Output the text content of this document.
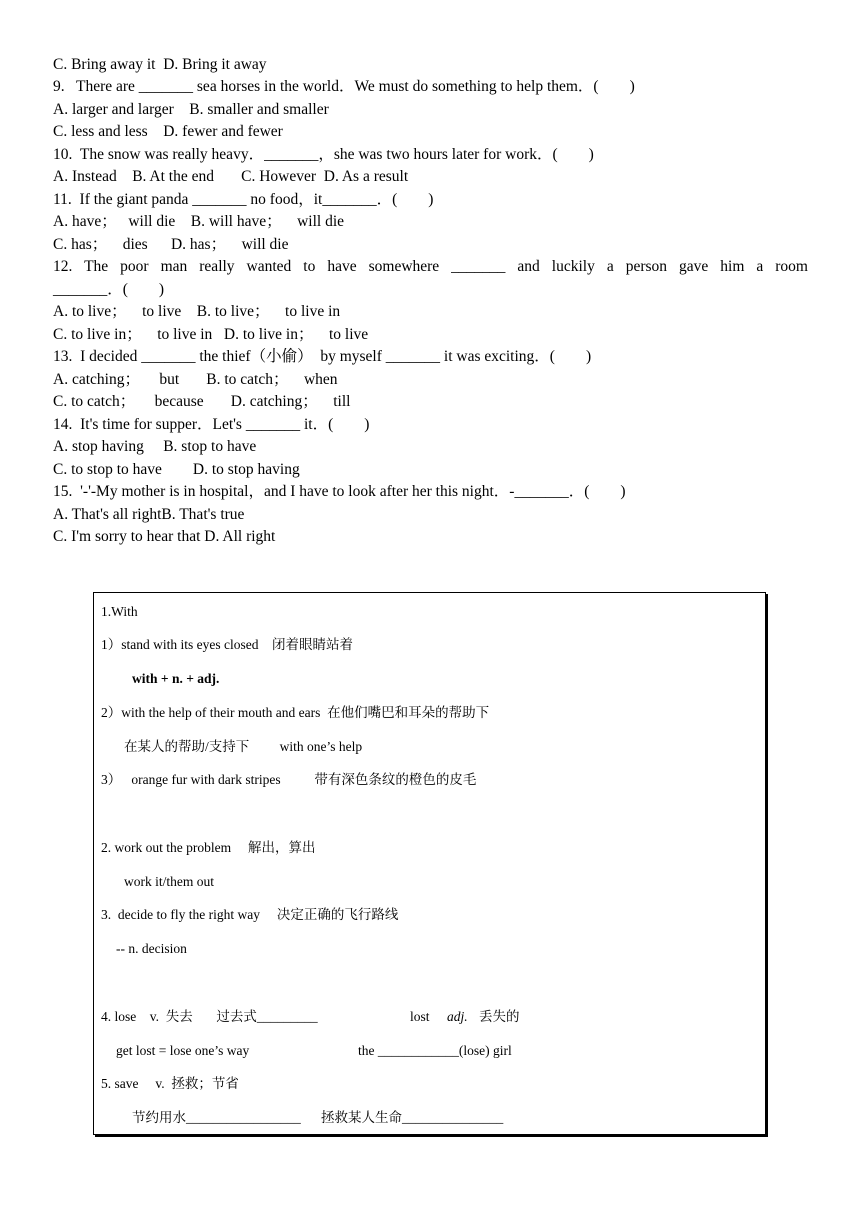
C. Bring away it  D. Bring it away
9.   There are _______ sea horses in the world．We must do something to help them．(        )
A. larger and larger    B. smaller and smaller
C. less and less    D. fewer and fewer
10.  The snow was really heavy．_______，she was two hours later for work．(        )
A. Instead    B. At the end       C. However  D. As a result
11.  If the giant panda _______ no food，it_______．(        )
A. have；   will die    B. will have；    will die
C. has；    dies      D. has；    will die
12. The poor man really wanted to have somewhere _______ and luckily a person gave him a room
_______．(        )
A. to live；    to live    B. to live；    to live in
C. to live in；    to live in   D. to live in；    to live
13.  I decided _______ the thief（小偷）  by myself _______ it was exciting．(        )
A. catching；     but       B. to catch；    when
C. to catch；     because       D. catching；    till
14.  It's time for supper．Let's _______ it．(        )
A. stop having     B. stop to have
C. to stop to have        D. to stop having
15.  '-'-My mother is in hospital，and I have to look after her this night．-_______．(        )
A. That's all rightB. That's true
C. I'm sorry to hear that D. All right
1.With
1）stand with its eyes closed    闭着眼睛站着
with + n. + adj.
2）with the help of their mouth and ears  在他们嘴巴和耳朵的帮助下
在某人的帮助/支持下         with one’s help
3）   orange fur with dark stripes          带有深色条纹的橙色的皮毛
2. work out the problem     解出，算出
work it/them out
3.  decide to fly the right way     决定正确的飞行路线
-- n. decision
4. lose    v.  失去       过去式_________	lost adj. 丢失的
get lost = lose one’s way	the ____________(lose) girl
5. save     v.  拯救；节省
节约用水_________________      拯救某人生命_______________
